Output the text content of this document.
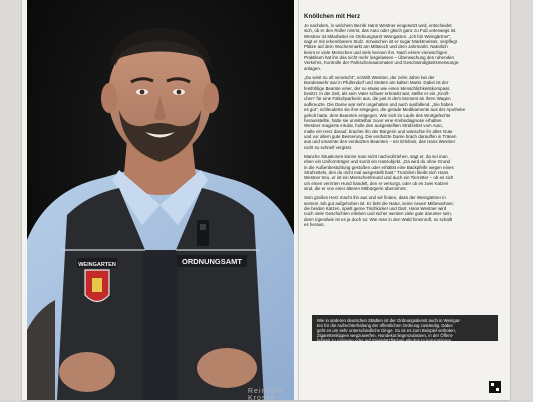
ORDNUNGSAMT
WEINGARTEN
Reinhold Krosse
Knöllchen mit Herz
Je nachdem, in welchem Bezirk Hans Westner eingesetzt wird, entscheidet
sich, ob er den Roller nimmt, das Auto oder gleich ganz zu Fuß unterwegs ist.
Westner ist Mitarbeiter im Ordnungsamt Weingarten. „Ich bin Weingärtner“,
sagt er mit erkennbarem Stolz. Inzwischen ist er sogar Marktmeister, verpflegt
Plätze auf dem Wochenmarkt am Mittwoch und dem Jahrmarkt. Natürlich
kennt er viele Menschen und viele kennen ihn. Nach einem vierwöchigen
Praktikum hat ihn das nicht mehr losgelassen – Überwachung des ruhenden
Verkehrs, Kontrolle der Parkscheinautomaten und Geschwindigkeitsmessungs-
anlagen.
„Du wirst so oft verarscht“, erzählt Westner, der zehn Jahre bei der
Bundeswehr war in Pfullendorf und Stetten am kalten Markt. Dabei ist der
feinfühlige Beamte einer, der so etwas wie einen Menschlichkeitskompass
besitzt. In der Zeit, als sein Vater schwer erkrankt war, stellte er ein „Knöll-
chen“ für eine Falschparkerin aus, die just in dem Moment an ihren Wagen
aufkreuzte. Die Dame war sehr ungehalten und auch ausfallend. „Sie haben
es gut“, schleuderte sie ihm entgegen, die gerade Medikamente aus der Apotheke
geholt hatte, dem Beamten entgegen. Wie sich im Laufe des Wortgefechts
herausstellte, hatte sie unmittelbar zuvor eine Krebsdiagnose erhalten.
Westner reagierte intuitiv, holte den ausgestellten Strafzettel vom Auto,
malte ein Herz darauf, brachte ihn der Bürgerin und wünschte ihr alles Gute
und vor allem gute Besserung. Die verdutzte Dame brach daraufhin in Tränen
aus und umarmte den verdutzten Beamten – ein Erlebnis, das Hans Westner
nicht so schnell vergisst.
Manche Situationen könne man nicht nachvollziehen, sagt er, da sei man
eben ein Uniformträger und somit ein Hassobjekt. „Da wird du ohne Grund
in die Außenbestuhlung gestoßen oder erhältst eine Backpfeife wegen eines
Strafzettels, den du nicht mal ausgestellt hast.“ Trotzdem bleibt sich Hans
Westner treu, er ist ein Menschenfreund und auch ein Tierretter – ob es sich
um einen verirrten Hund handelt, den er versorgt, oder ob es zwei Katzen
sind, die er von einer älteren Mitbürgerin übernimmt.
Sein großes Herz macht ihn aus und wir finden, dass der Weingärtner in
seinem Job gut aufgehoben ist. Er liebt die Natur, seine neuen Mitbewohner,
die beiden Katzen, spielt gerne Tischkicker und Dart. Hans Westner wird
noch viele Geschichten erleben und sicher werden viele gute darunter sein,
denn irgendwie ist es ja doch so: Wie man in den Wald hineinruft, so schallt
es heraus.
Wie in anderen deutschen Städten ist der Ordnungsdienst auch in Weingar-
ten für die Aufrechterhaltung der öffentlichen Ordnung zuständig. Dabei
geht es um sehr unterschiedliche Dinge. So ist es zum Beispiel verboten,
Zigarettenkippen wegzuwerfen, Hundekot liegenzulassen, in der Öffent-
lichkeit zu urinieren oder auf Spielplatzflächen Alkohol zu konsumieren,
um nur einige Punkte zu nennen. All dies fällt in den Aufgabenbereich
der Ordnungsbeamten.
